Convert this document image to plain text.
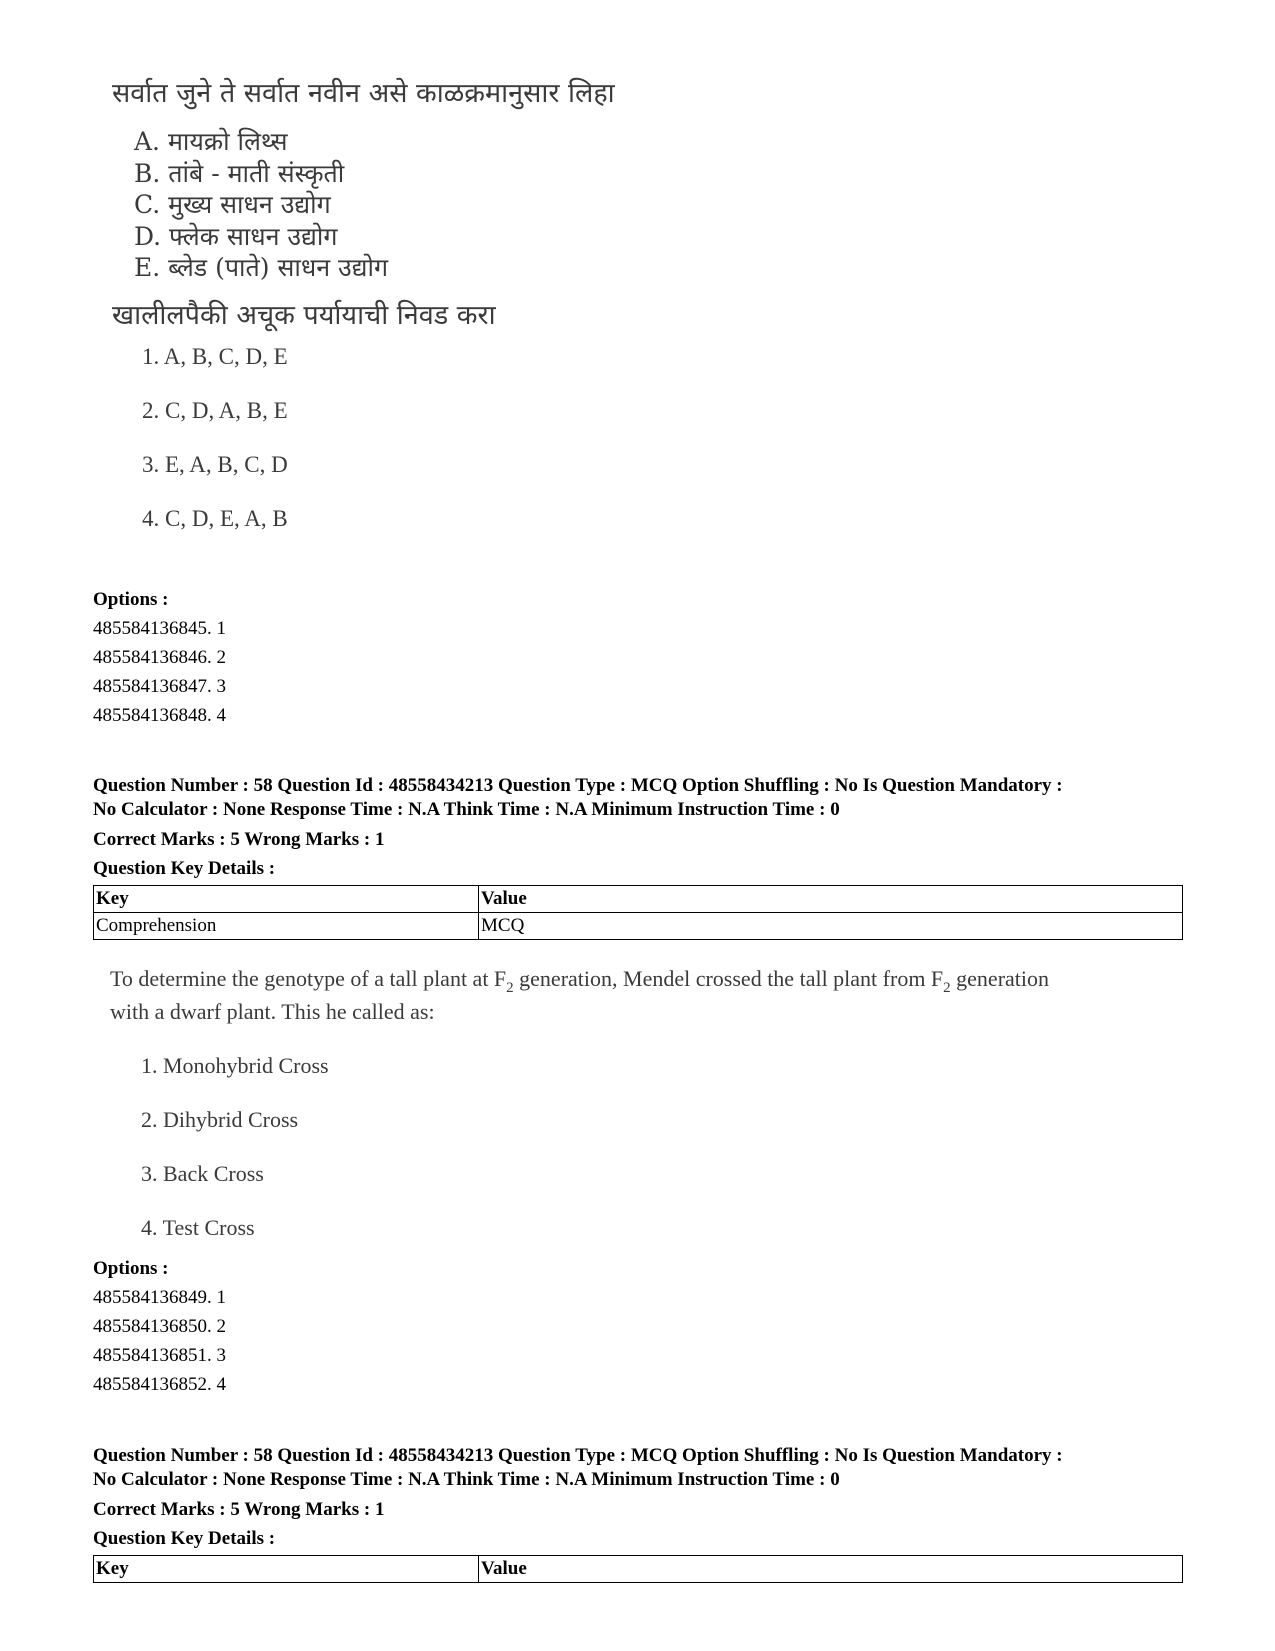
सर्वात जुने ते सर्वात नवीन असे काळक्रमानुसार लिहा

A. मायक्रो लिथ्स
B. तांबे - माती संस्कृती
C. मुख्य साधन उद्योग
D. फ्लेक साधन उद्योग
E. ब्लेड (पाते) साधन उद्योग

खालीलपैकी अचूक पर्यायाची निवड करा

1. A, B, C, D, E
2. C, D, A, B, E
3. E, A, B, C, D
4. C, D, E, A, B
Options :
485584136845. 1
485584136846. 2
485584136847. 3
485584136848. 4

Question Number : 58 Question Id : 48558434213 Question Type : MCQ Option Shuffling : No Is Question Mandatory :

No Calculator : None Response Time : N.A Think Time : N.A Minimum Instruction Time : 0

Correct Marks : 5 Wrong Marks : 1

Question Key Details :

Key	Value
Comprehension	MCQ

To determine the genotype of a tall plant at $F_2$ generation, Mendel crossed the tall plant from $F_2$ generation
with a dwarf plant. This he called as:

1. Monohybrid Cross
2. Dihybrid Cross
3. Back Cross
4. Test Cross
Options :
485584136849. 1
485584136850. 2
485584136851. 3
485584136852. 4

Question Number : 58 Question Id : 48558434213 Question Type : MCQ Option Shuffling : No Is Question Mandatory :

No Calculator : None Response Time : N.A Think Time : N.A Minimum Instruction Time : 0

Correct Marks : 5 Wrong Marks : 1

Question Key Details :

Key	Value
